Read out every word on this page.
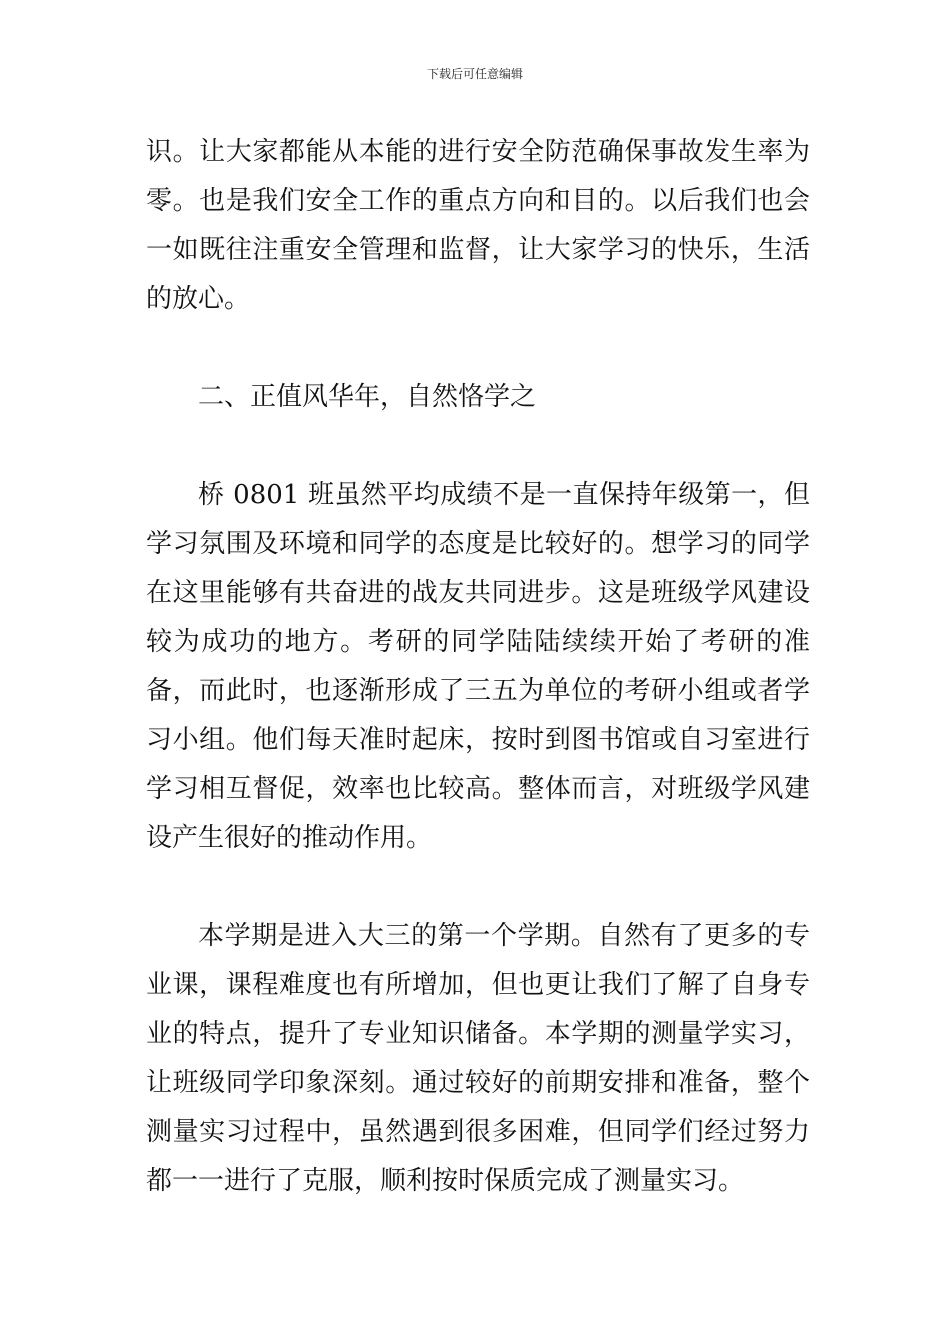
下载后可任意编辑

识。让大家都能从本能的进行安全防范确保事故发生率为零。也是我们安全工作的重点方向和目的。以后我们也会一如既往注重安全管理和监督，让大家学习的快乐，生活的放心。

二、正值风华年，自然恪学之

桥 0801 班虽然平均成绩不是一直保持年级第一，但学习氛围及环境和同学的态度是比较好的。想学习的同学在这里能够有共奋进的战友共同进步。这是班级学风建设较为成功的地方。考研的同学陆陆续续开始了考研的准备，而此时，也逐渐形成了三五为单位的考研小组或者学习小组。他们每天准时起床，按时到图书馆或自习室进行学习相互督促，效率也比较高。整体而言，对班级学风建设产生很好的推动作用。

本学期是进入大三的第一个学期。自然有了更多的专业课，课程难度也有所增加，但也更让我们了解了自身专业的特点，提升了专业知识储备。本学期的测量学实习，让班级同学印象深刻。通过较好的前期安排和准备，整个测量实习过程中，虽然遇到很多困难，但同学们经过努力都一一进行了克服，顺利按时保质完成了测量实习。
